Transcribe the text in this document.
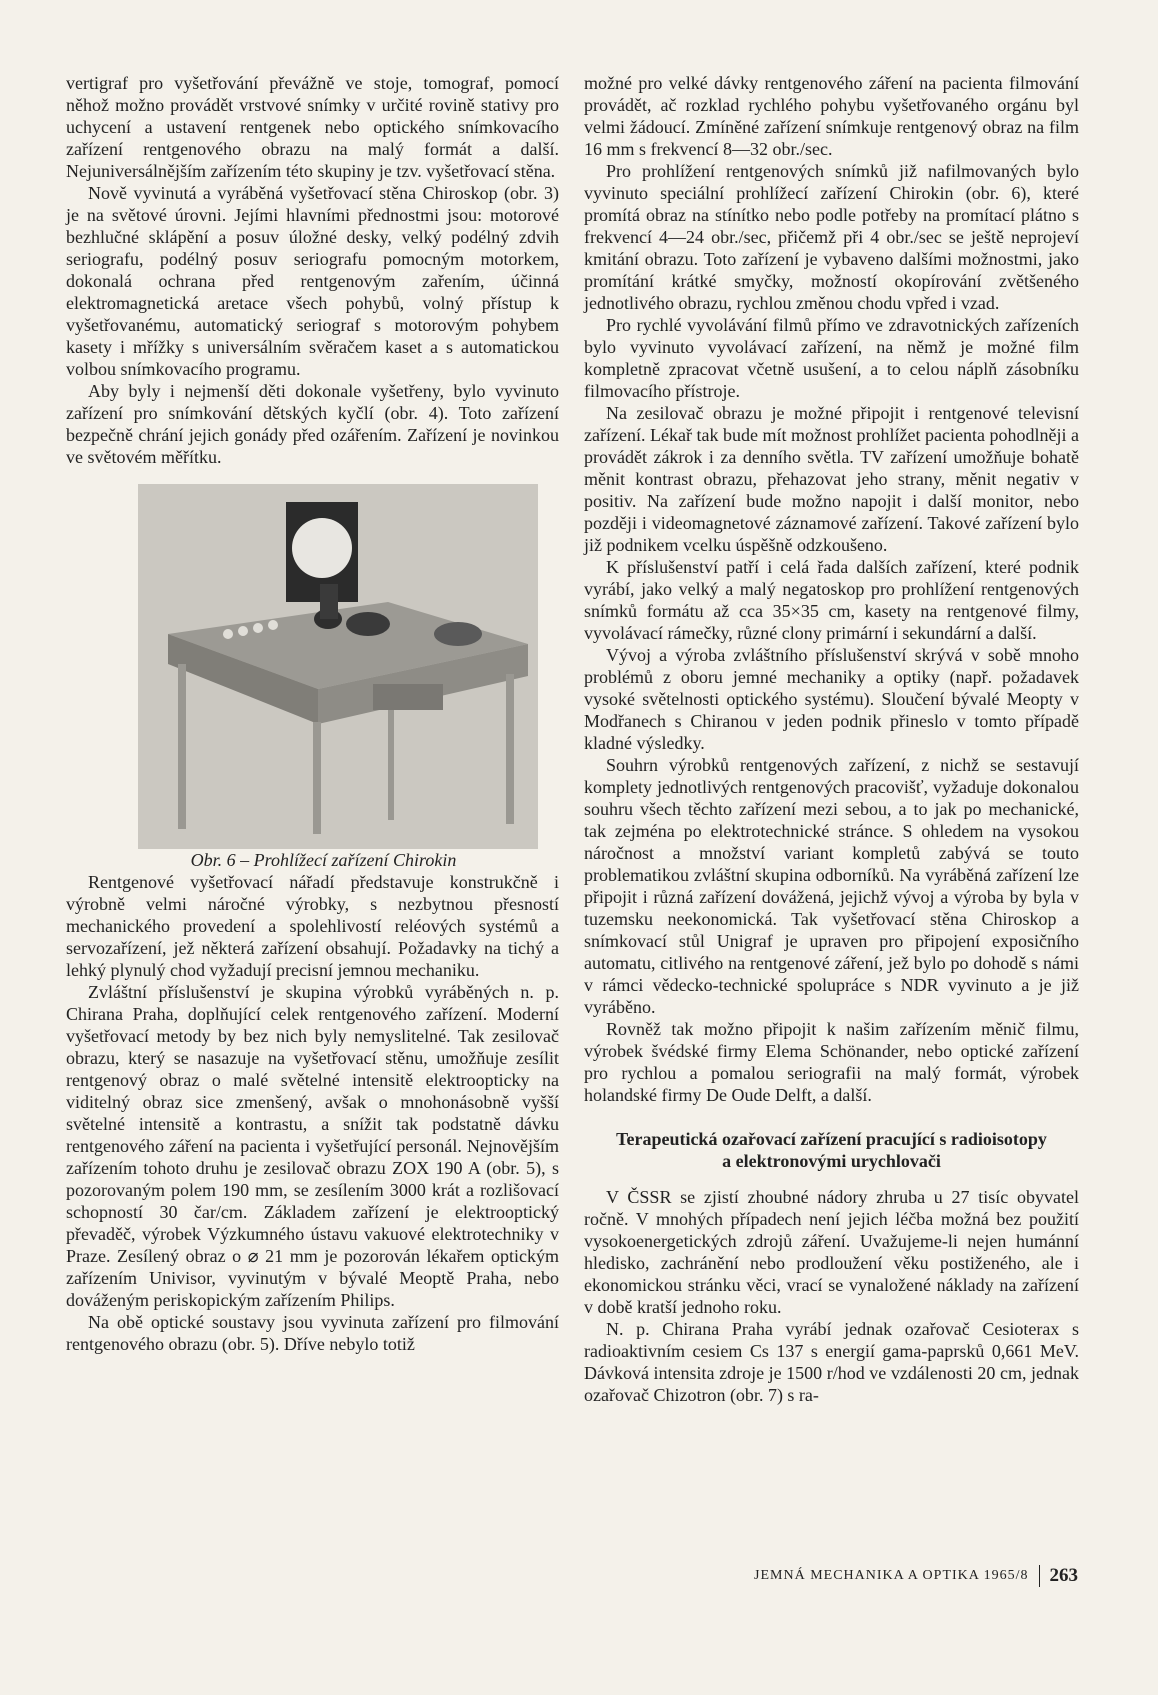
vertigraf pro vyšetřování převážně ve stoje, tomograf, pomocí něhož možno provádět vrstvové snímky v určité rovině stativy pro uchycení a ustavení rentgenek nebo optického snímkovacího zařízení rentgenového obrazu na malý formát a další. Nejuniversálnějším zařízením této skupiny je tzv. vyšetřovací stěna.

Nově vyvinutá a vyráběná vyšetřovací stěna Chiroskop (obr. 3) je na světové úrovni. Jejími hlavními přednostmi jsou: motorové bezhlučné sklápění a posuv úložné desky, velký podélný zdvih seriografu, podélný posuv seriografu pomocným motorkem, dokonalá ochrana před rentgenovým zařením, účinná elektromagnetická aretace všech pohybů, volný přístup k vyšetřovanému, automatický seriograf s motorovým pohybem kasety i mřížky s universálním svěračem kaset a s automatickou volbou snímkovacího programu.

Aby byly i nejmenší děti dokonale vyšetřeny, bylo vyvinuto zařízení pro snímkování dětských kyčlí (obr. 4). Toto zařízení bezpečně chrání jejich gonády před ozářením. Zařízení je novinkou ve světovém měřítku.

Obr. 6 – Prohlížecí zařízení Chirokin

Rentgenové vyšetřovací nářadí představuje konstrukčně i výrobně velmi náročné výrobky, s nezbytnou přesností mechanického provedení a spolehlivostí reléových systémů a servozařízení, jež některá zařízení obsahují. Požadavky na tichý a lehký plynulý chod vyžadují precisní jemnou mechaniku.

Zvláštní příslušenství je skupina výrobků vyráběných n. p. Chirana Praha, doplňující celek rentgenového zařízení. Moderní vyšetřovací metody by bez nich byly nemyslitelné. Tak zesilovač obrazu, který se nasazuje na vyšetřovací stěnu, umožňuje zesílit rentgenový obraz o malé světelné intensitě elektroopticky na viditelný obraz sice zmenšený, avšak o mnohonásobně vyšší světelné intensitě a kontrastu, a snížit tak podstatně dávku rentgenového záření na pacienta i vyšetřující personál. Nejnovějším zařízením tohoto druhu je zesilovač obrazu ZOX 190 A (obr. 5), s pozorovaným polem 190 mm, se zesílením 3000 krát a rozlišovací schopností 30 čar/cm. Základem zařízení je elektrooptický převaděč, výrobek Výzkumného ústavu vakuové elektrotechniky v Praze. Zesílený obraz o ⌀ 21 mm je pozorován lékařem optickým zařízením Univisor, vyvinutým v bývalé Meoptě Praha, nebo dováženým periskopickým zařízením Philips.

Na obě optické soustavy jsou vyvinuta zařízení pro filmování rentgenového obrazu (obr. 5). Dříve nebylo totiž

možné pro velké dávky rentgenového záření na pacienta filmování provádět, ač rozklad rychlého pohybu vyšetřovaného orgánu byl velmi žádoucí. Zmíněné zařízení snímkuje rentgenový obraz na film 16 mm s frekvencí 8—32 obr./sec.

Pro prohlížení rentgenových snímků již nafilmovaných bylo vyvinuto speciální prohlížecí zařízení Chirokin (obr. 6), které promítá obraz na stínítko nebo podle potřeby na promítací plátno s frekvencí 4—24 obr./sec, přičemž při 4 obr./sec se ještě neprojeví kmitání obrazu. Toto zařízení je vybaveno dalšími možnostmi, jako promítání krátké smyčky, možností okopírování zvětšeného jednotlivého obrazu, rychlou změnou chodu vpřed i vzad.

Pro rychlé vyvolávání filmů přímo ve zdravotnických zařízeních bylo vyvinuto vyvolávací zařízení, na němž je možné film kompletně zpracovat včetně usušení, a to celou náplň zásobníku filmovacího přístroje.

Na zesilovač obrazu je možné připojit i rentgenové televisní zařízení. Lékař tak bude mít možnost prohlížet pacienta pohodlněji a provádět zákrok i za denního světla. TV zařízení umožňuje bohatě měnit kontrast obrazu, přehazovat jeho strany, měnit negativ v positiv. Na zařízení bude možno napojit i další monitor, nebo později i videomagnetové záznamové zařízení. Takové zařízení bylo již podnikem vcelku úspěšně odzkoušeno.

K příslušenství patří i celá řada dalších zařízení, které podnik vyrábí, jako velký a malý negatoskop pro prohlížení rentgenových snímků formátu až cca 35×35 cm, kasety na rentgenové filmy, vyvolávací rámečky, různé clony primární i sekundární a další.

Vývoj a výroba zvláštního příslušenství skrývá v sobě mnoho problémů z oboru jemné mechaniky a optiky (např. požadavek vysoké světelnosti optického systému). Sloučení bývalé Meopty v Modřanech s Chiranou v jeden podnik přineslo v tomto případě kladné výsledky.

Souhrn výrobků rentgenových zařízení, z nichž se sestavují komplety jednotlivých rentgenových pracovišť, vyžaduje dokonalou souhru všech těchto zařízení mezi sebou, a to jak po mechanické, tak zejména po elektrotechnické stránce. S ohledem na vysokou náročnost a množství variant kompletů zabývá se touto problematikou zvláštní skupina odborníků. Na vyráběná zařízení lze připojit i různá zařízení dovážená, jejichž vývoj a výroba by byla v tuzemsku neekonomická. Tak vyšetřovací stěna Chiroskop a snímkovací stůl Unigraf je upraven pro připojení exposičního automatu, citlivého na rentgenové záření, jež bylo po dohodě s námi v rámci vědecko-technické spolupráce s NDR vyvinuto a je již vyráběno.

Rovněž tak možno připojit k našim zařízením měnič filmu, výrobek švédské firmy Elema Schönander, nebo optické zařízení pro rychlou a pomalou seriografii na malý formát, výrobek holandské firmy De Oude Delft, a další.

Terapeutická ozařovací zařízení pracující s radioisotopy
a elektronovými urychlovači

V ČSSR se zjistí zhoubné nádory zhruba u 27 tisíc obyvatel ročně. V mnohých případech není jejich léčba možná bez použití vysokoenergetických zdrojů záření. Uvažujeme-li nejen humánní hledisko, zachránění nebo prodloužení věku postiženého, ale i ekonomickou stránku věci, vrací se vynaložené náklady na zařízení v době kratší jednoho roku.

N. p. Chirana Praha vyrábí jednak ozařovač Cesioterax s radioaktivním cesiem Cs 137 s energií gama-paprsků 0,661 MeV. Dávková intensita zdroje je 1500 r/hod ve vzdálenosti 20 cm, jednak ozařovač Chizotron (obr. 7) s ra-

JEMNÁ MECHANIKA A OPTIKA 1965/8 263
